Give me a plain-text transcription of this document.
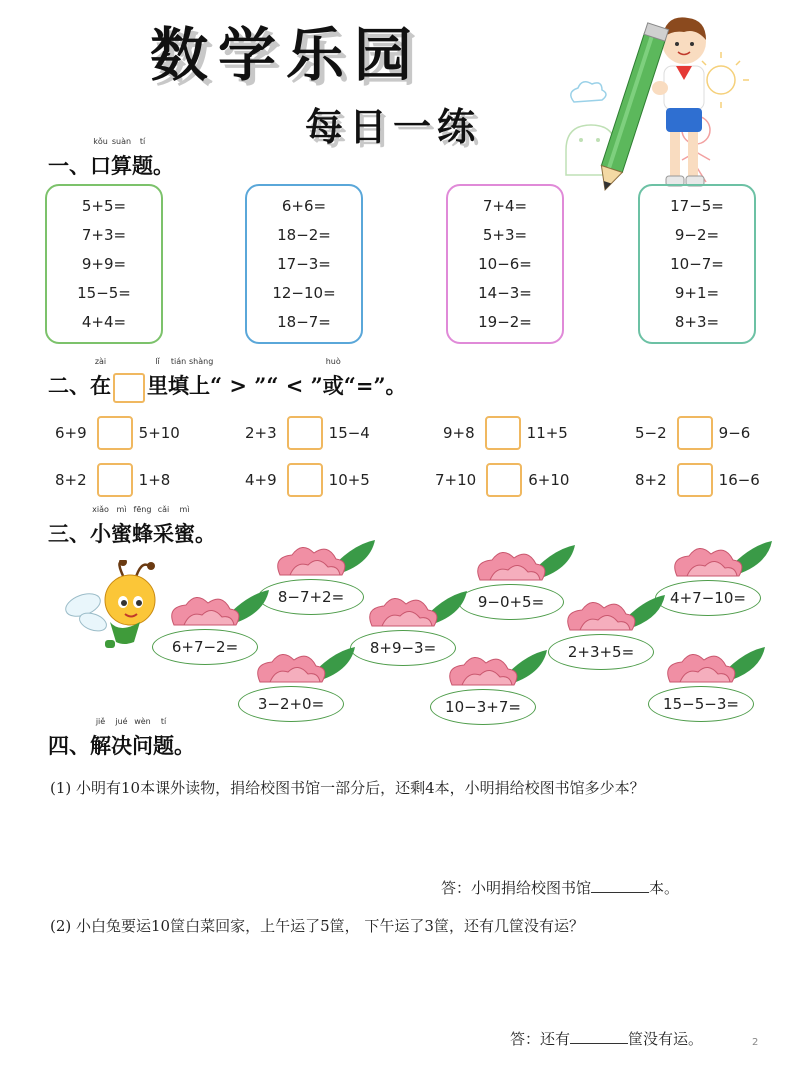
数学乐园
每日一练
一、
kǒu
口
suàn
算
tí
题。
5+5=
7+3=
9+9=
15−5=
4+4=
6+6=
18−2=
17−3=
12−10=
18−7=
7+4=
5+3=
10−6=
14−3=
19−2=
17−5=
9−2=
10−7=
9+1=
8+3=
二、
zài
在
lǐ
里
tián
填
shàng
上“ > ”“ < ”
huò
或“=”。
6+9	5+10	2+3	15−4	9+8	11+5	5−2	9−6
8+2	1+8	4+9	10+5	7+10	6+10	8+2	16−6
三、
xiǎo
小
mì
蜜
fēng
蜂
cǎi
采
mì
蜜。
8−7+2=	9−0+5=	4+7−10=
6+7−2=	8+9−3=	2+3+5=
3−2+0=	10−3+7=	15−5−3=
四、
jiě
解
jué
决
wèn
问
tí
题。
(1) 小明有10本课外读物，捐给校图书馆一部分后，还剩4本，小明捐给校图书馆多少本？
答：小明捐给校图书馆	本。
(2) 小白兔要运10筐白菜回家，上午运了5筐， 下午运了3筐，还有几筐没有运？
答：还有	筐没有运。	2
